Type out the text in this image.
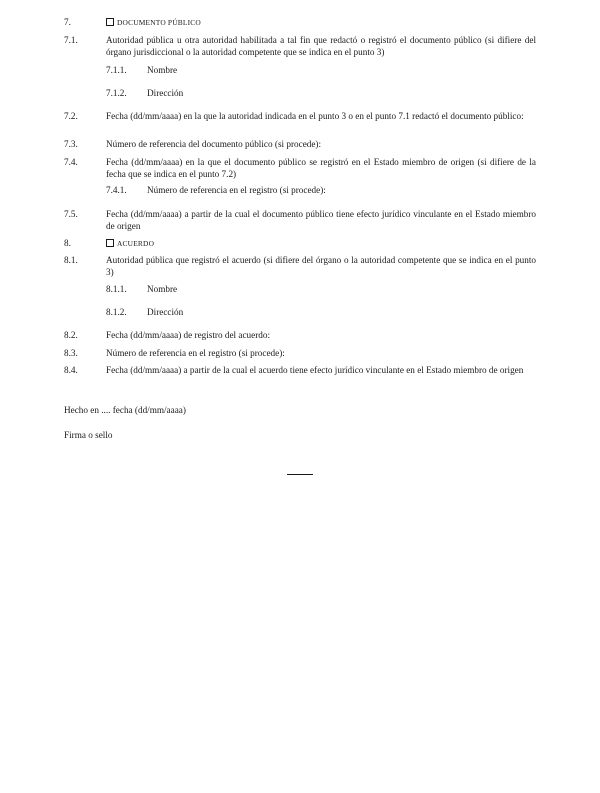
7.	DOCUMENTO PÚBLICO
7.1.	Autoridad pública u otra autoridad habilitada a tal fin que redactó o registró el documento público (si difiere del órgano jurisdiccional o la autoridad competente que se indica en el punto 3)
7.1.1. Nombre
7.1.2. Dirección
7.2.	Fecha (dd/mm/aaaa) en la que la autoridad indicada en el punto 3 o en el punto 7.1 redactó el documento público:
7.3.	Número de referencia del documento público (si procede):
7.4.	Fecha (dd/mm/aaaa) en la que el documento público se registró en el Estado miembro de origen (si difiere de la fecha que se indica en el punto 7.2)
7.4.1. Número de referencia en el registro (si procede):
7.5.	Fecha (dd/mm/aaaa) a partir de la cual el documento público tiene efecto jurídico vinculante en el Estado miembro de origen
8.	ACUERDO
8.1.	Autoridad pública que registró el acuerdo (si difiere del órgano o la autoridad competente que se indica en el punto 3)
8.1.1. Nombre
8.1.2. Dirección
8.2.	Fecha (dd/mm/aaaa) de registro del acuerdo:
8.3.	Número de referencia en el registro (si procede):
8.4.	Fecha (dd/mm/aaaa) a partir de la cual el acuerdo tiene efecto jurídico vinculante en el Estado miembro de origen
Hecho en .... fecha (dd/mm/aaaa)
Firma o sello
